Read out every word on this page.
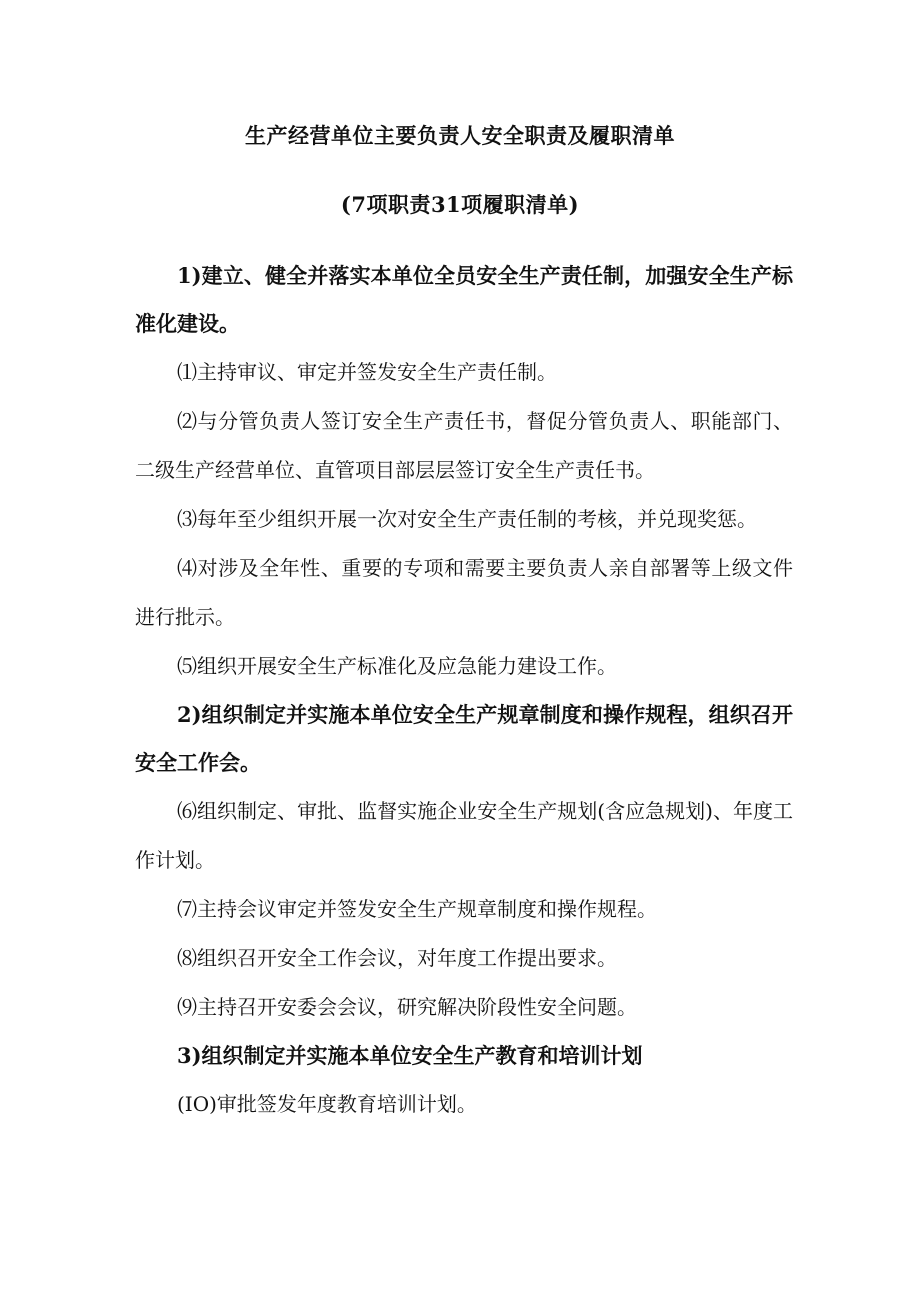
生产经营单位主要负责人安全职责及履职清单
(7项职责31项履职清单)

1)建立、健全并落实本单位全员安全生产责任制，加强安全生产标准化建设。

⑴主持审议、审定并签发安全生产责任制。

⑵与分管负责人签订安全生产责任书，督促分管负责人、职能部门、二级生产经营单位、直管项目部层层签订安全生产责任书。

⑶每年至少组织开展一次对安全生产责任制的考核，并兑现奖惩。

⑷对涉及全年性、重要的专项和需要主要负责人亲自部署等上级文件进行批示。

⑸组织开展安全生产标准化及应急能力建设工作。

2)组织制定并实施本单位安全生产规章制度和操作规程，组织召开安全工作会。

⑹组织制定、审批、监督实施企业安全生产规划(含应急规划)、年度工作计划。

⑺主持会议审定并签发安全生产规章制度和操作规程。

⑻组织召开安全工作会议，对年度工作提出要求。

⑼主持召开安委会会议，研究解决阶段性安全问题。

3)组织制定并实施本单位安全生产教育和培训计划

(IO)审批签发年度教育培训计划。
